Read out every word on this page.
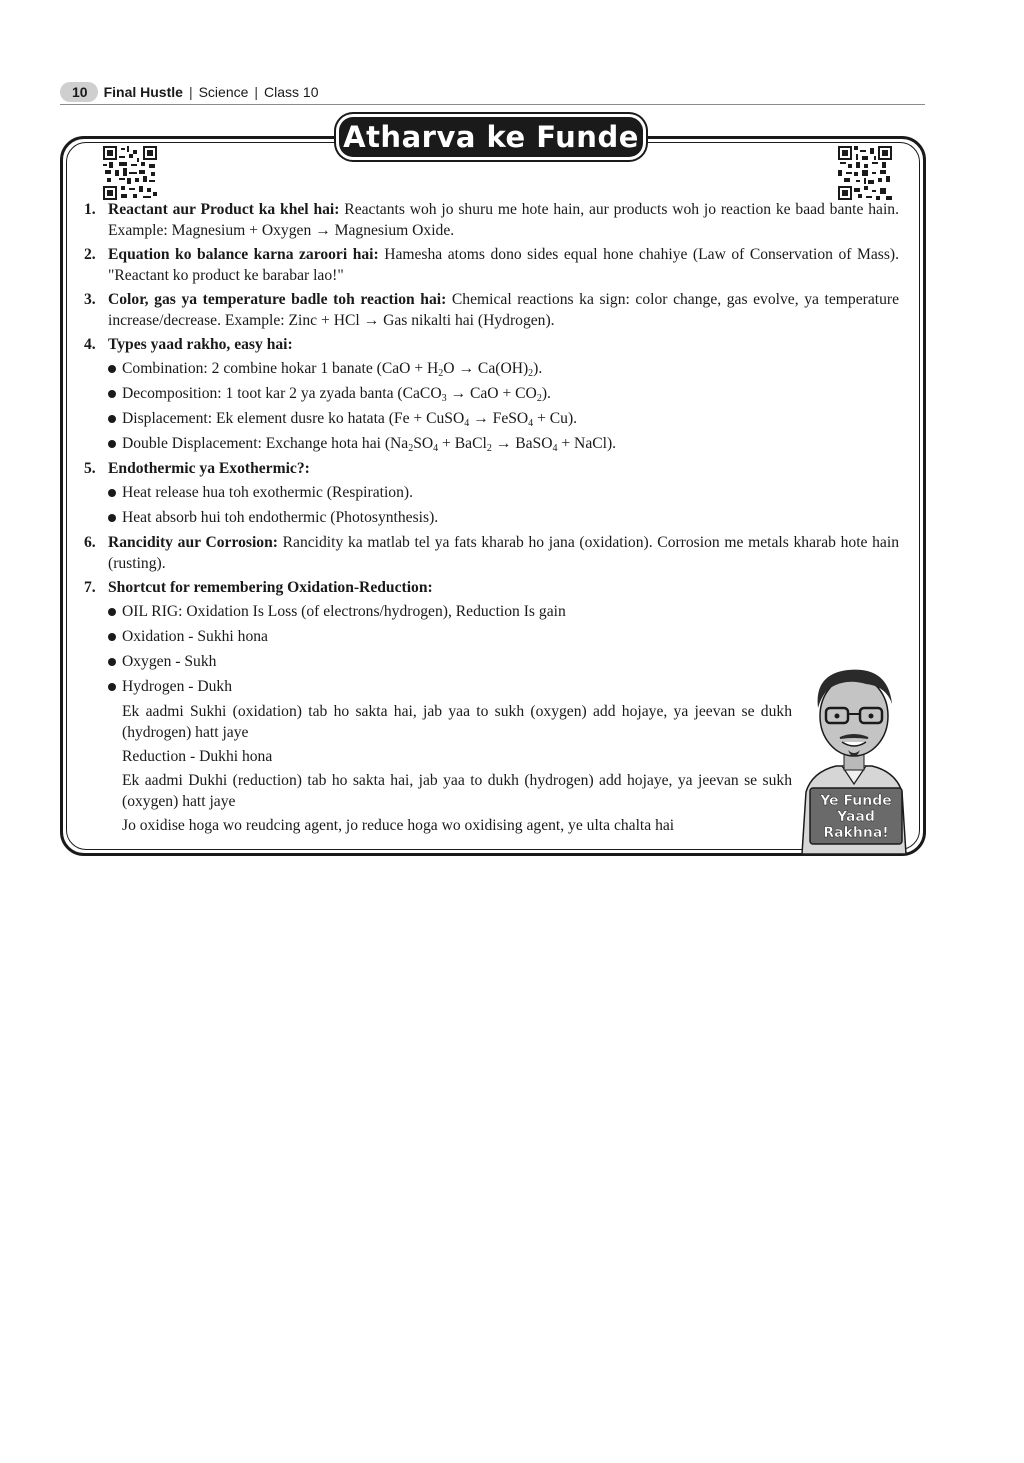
10	Final Hustle | Science | Class 10
Atharva ke Funde
1. Reactant aur Product ka khel hai: Reactants woh jo shuru me hote hain, aur products woh jo reaction ke baad bante hain. Example: Magnesium + Oxygen → Magnesium Oxide.
2. Equation ko balance karna zaroori hai: Hamesha atoms dono sides equal hone chahiye (Law of Conservation of Mass). "Reactant ko product ke barabar lao!"
3. Color, gas ya temperature badle toh reaction hai: Chemical reactions ka sign: color change, gas evolve, ya temperature increase/decrease. Example: Zinc + HCl → Gas nikalti hai (Hydrogen).
4. Types yaad rakho, easy hai:
Combination: 2 combine hokar 1 banate $(CaO + H_2O \to Ca(OH)_2)$.
Decomposition: 1 toot kar 2 ya zyada banta (CaCO$_3$ → CaO + $CO_2$).
Displacement: Ek element dusre ko hatata (Fe + CuSO$_4$ → FeSO$_4$ + Cu).
Double Displacement: Exchange hota hai ($Na_2SO_4$ + BaCl$_2$ → BaSO$_4$ + NaCl).
5. Endothermic ya Exothermic?:
Heat release hua toh exothermic (Respiration).
Heat absorb hui toh endothermic (Photosynthesis).
6. Rancidity aur Corrosion: Rancidity ka matlab tel ya fats kharab ho jana (oxidation). Corrosion me metals kharab hote hain (rusting).
7. Shortcut for remembering Oxidation-Reduction:
OIL RIG: Oxidation Is Loss (of electrons/hydrogen), Reduction Is gain
Oxidation - Sukhi hona
Oxygen - Sukh
Hydrogen - Dukh
Ek aadmi Sukhi (oxidation) tab ho sakta hai, jab yaa to sukh (oxygen) add hojaye, ya jeevan se dukh (hydrogen) hatt jaye
Reduction - Dukhi hona
Ek aadmi Dukhi (reduction) tab ho sakta hai, jab yaa to dukh (hydrogen) add hojaye, ya jeevan se sukh (oxygen) hatt jaye
Jo oxidise hoga wo reudcing agent, jo reduce hoga wo oxidising agent, ye ulta chalta hai
Ye Funde
Yaad
Rakhna!
